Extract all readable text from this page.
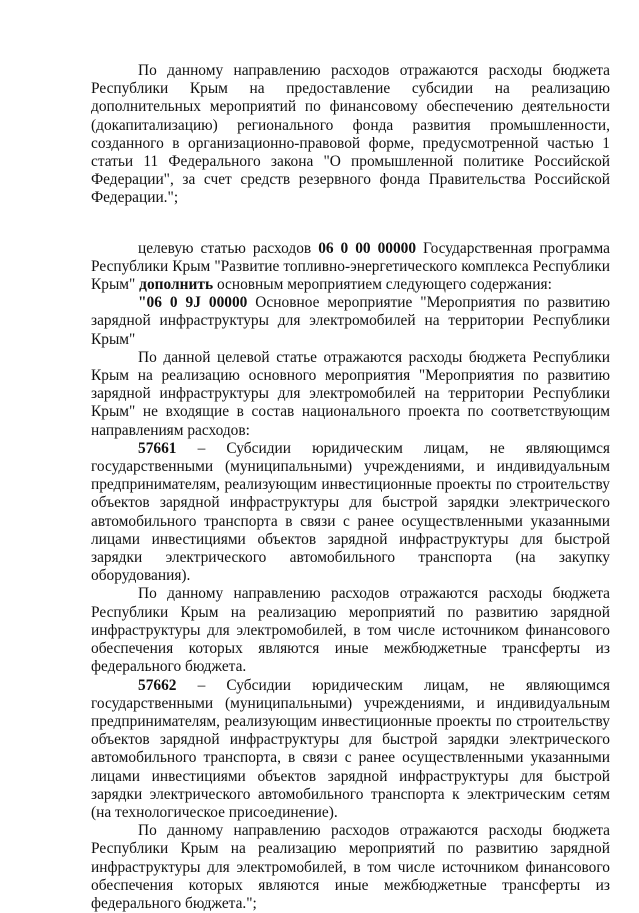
По данному направлению расходов отражаются расходы бюджета Республики Крым на предоставление субсидии на реализацию дополнительных мероприятий по финансовому обеспечению деятельности (докапитализацию) регионального фонда развития промышленности, созданного в организационно-правовой форме, предусмотренной частью 1 статьи 11 Федерального закона "О промышленной политике Российской Федерации", за счет средств резервного фонда Правительства Российской Федерации.";

целевую статью расходов 06 0 00 00000 Государственная программа Республики Крым "Развитие топливно-энергетического комплекса Республики Крым" дополнить основным мероприятием следующего содержания:

"06 0 9J 00000 Основное мероприятие "Мероприятия по развитию зарядной инфраструктуры для электромобилей на территории Республики Крым"

По данной целевой статье отражаются расходы бюджета Республики Крым на реализацию основного мероприятия "Мероприятия по развитию зарядной инфраструктуры для электромобилей на территории Республики Крым" не входящие в состав национального проекта по соответствующим направлениям расходов:

57661 – Субсидии юридическим лицам, не являющимся государственными (муниципальными) учреждениями, и индивидуальным предпринимателям, реализующим инвестиционные проекты по строительству объектов зарядной инфраструктуры для быстрой зарядки электрического автомобильного транспорта в связи с ранее осуществленными указанными лицами инвестициями объектов зарядной инфраструктуры для быстрой зарядки электрического автомобильного транспорта (на закупку оборудования).

По данному направлению расходов отражаются расходы бюджета Республики Крым на реализацию мероприятий по развитию зарядной инфраструктуры для электромобилей, в том числе источником финансового обеспечения которых являются иные межбюджетные трансферты из федерального бюджета.

57662 – Субсидии юридическим лицам, не являющимся государственными (муниципальными) учреждениями, и индивидуальным предпринимателям, реализующим инвестиционные проекты по строительству объектов зарядной инфраструктуры для быстрой зарядки электрического автомобильного транспорта, в связи с ранее осуществленными указанными лицами инвестициями объектов зарядной инфраструктуры для быстрой зарядки электрического автомобильного транспорта к электрическим сетям (на технологическое присоединение).

По данному направлению расходов отражаются расходы бюджета Республики Крым на реализацию мероприятий по развитию зарядной инфраструктуры для электромобилей, в том числе источником финансового обеспечения которых являются иные межбюджетные трансферты из федерального бюджета.";
